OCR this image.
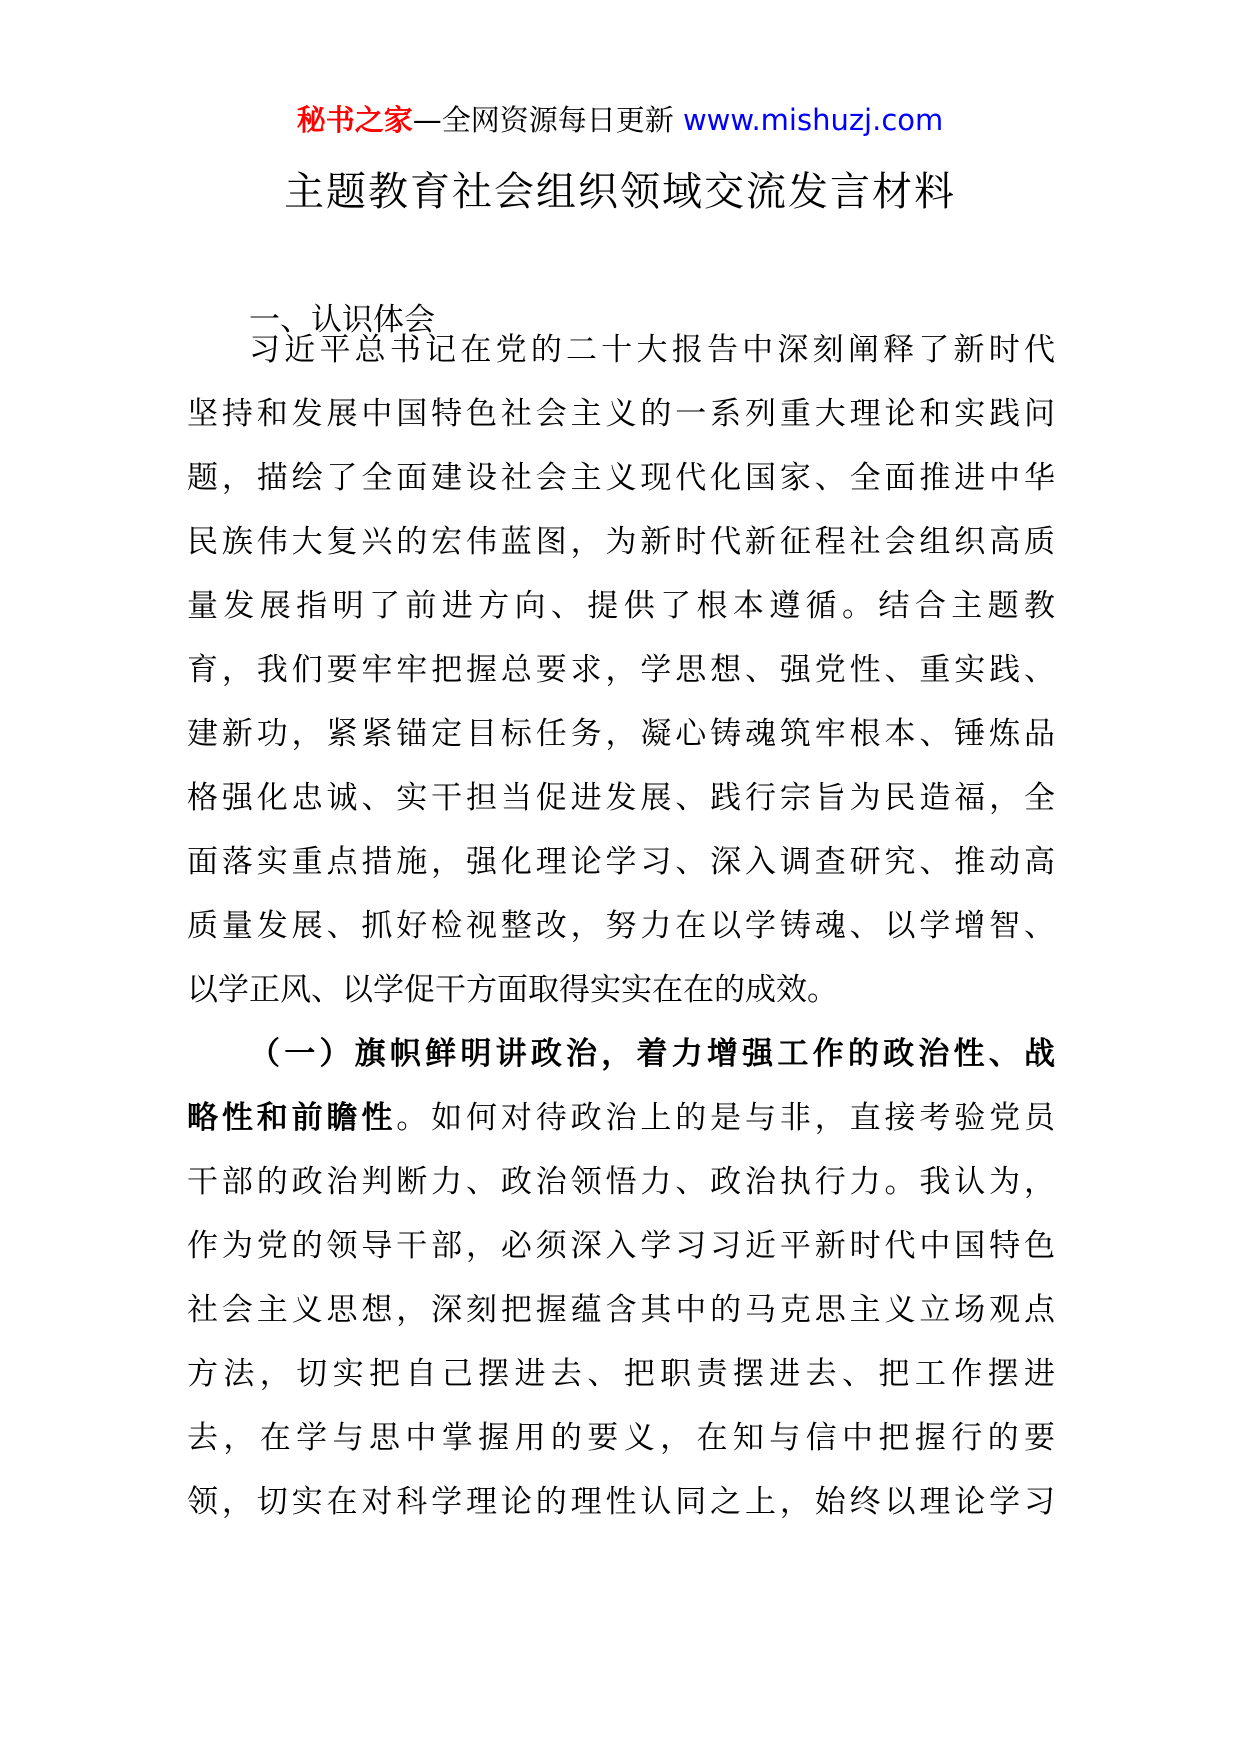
秘书之家—全网资源每日更新 www.mishuzj.com
主题教育社会组织领域交流发言材料
一、认识体会
习近平总书记在党的二十大报告中深刻阐释了新时代
坚持和发展中国特色社会主义的一系列重大理论和实践问
题，描绘了全面建设社会主义现代化国家、全面推进中华
民族伟大复兴的宏伟蓝图，为新时代新征程社会组织高质
量发展指明了前进方向、提供了根本遵循。结合主题教
育，我们要牢牢把握总要求，学思想、强党性、重实践、
建新功，紧紧锚定目标任务，凝心铸魂筑牢根本、锤炼品
格强化忠诚、实干担当促进发展、践行宗旨为民造福，全
面落实重点措施，强化理论学习、深入调查研究、推动高
质量发展、抓好检视整改，努力在以学铸魂、以学增智、
以学正风、以学促干方面取得实实在在的成效。
（一）旗帜鲜明讲政治，着力增强工作的政治性、战
略性和前瞻性。如何对待政治上的是与非，直接考验党员
干部的政治判断力、政治领悟力、政治执行力。我认为，
作为党的领导干部，必须深入学习习近平新时代中国特色
社会主义思想，深刻把握蕴含其中的马克思主义立场观点
方法，切实把自己摆进去、把职责摆进去、把工作摆进
去，在学与思中掌握用的要义，在知与信中把握行的要
领，切实在对科学理论的理性认同之上，始终以理论学习
